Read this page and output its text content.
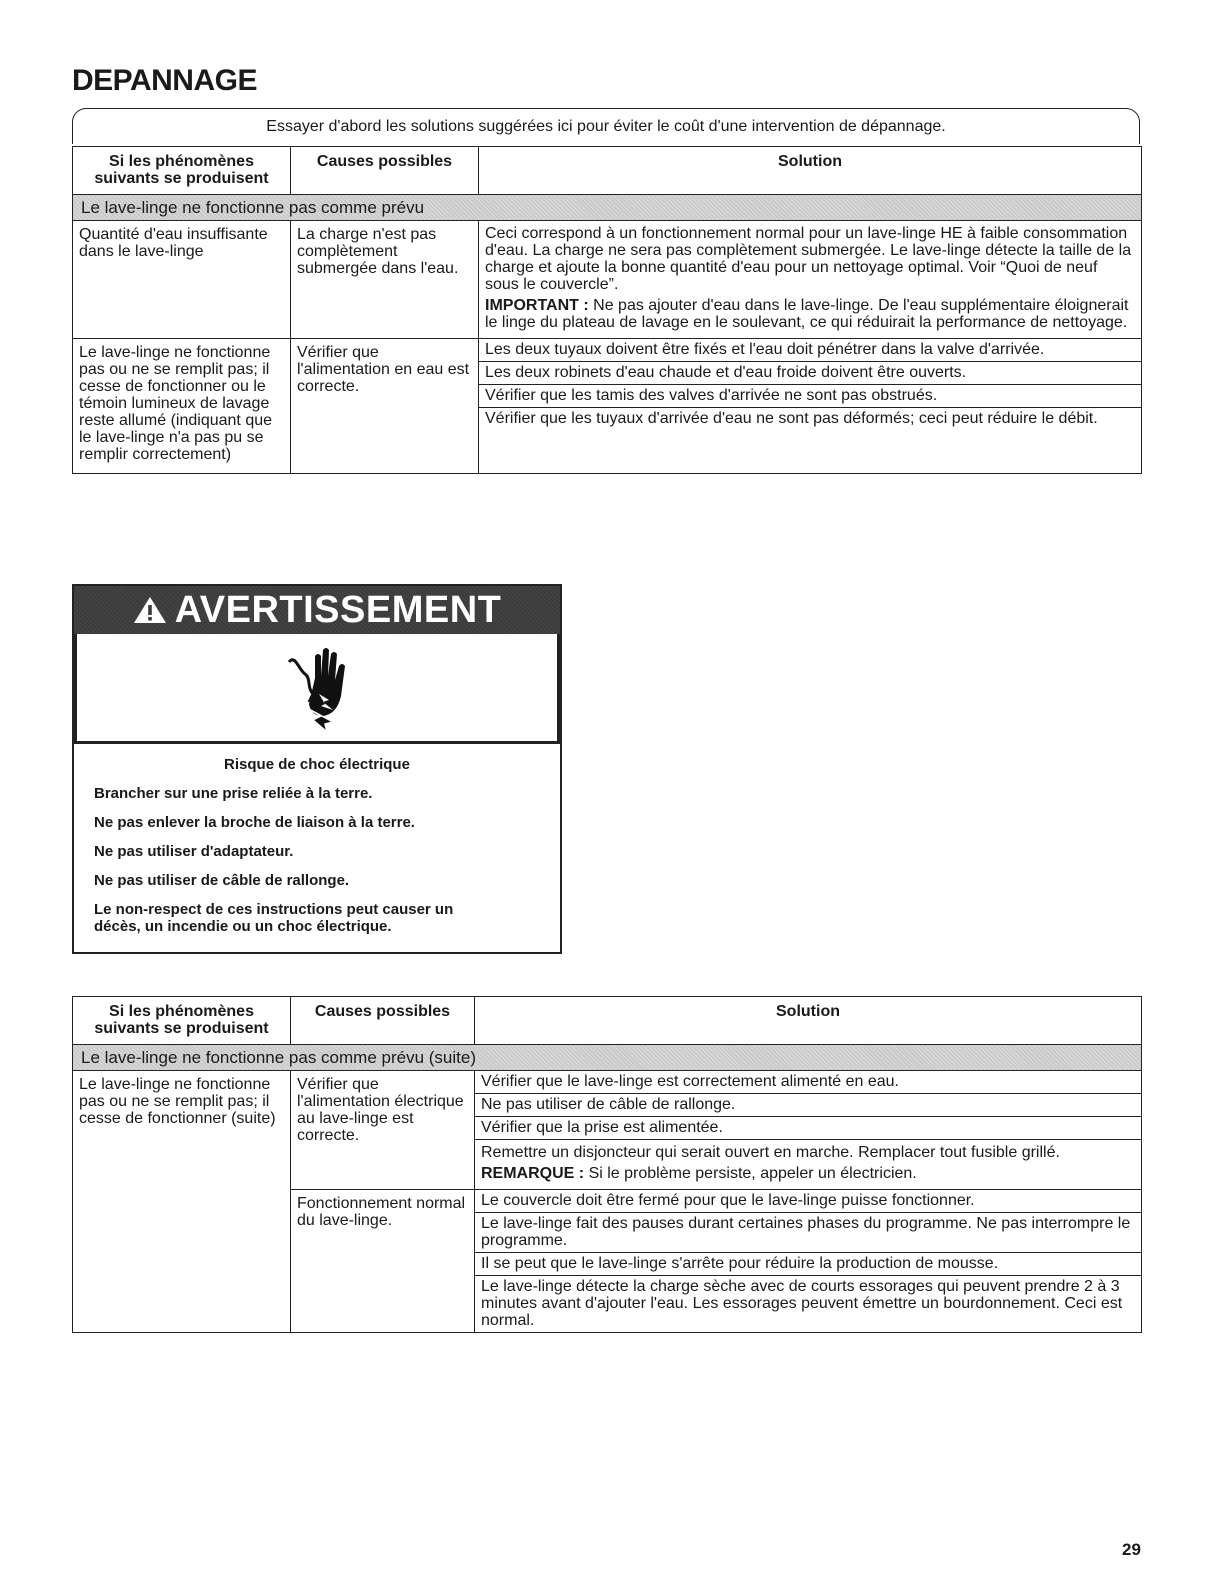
DEPANNAGE
Essayer d'abord les solutions suggérées ici pour éviter le coût d'une intervention de dépannage.
Si les phénomènes suivants se produisent	Causes possibles	Solution
Le lave-linge ne fonctionne pas comme prévu		
Quantité d'eau insuffisante dans le lave-linge	La charge n'est pas complètement submergée dans l'eau.	Ceci correspond à un fonctionnement normal pour un lave-linge HE à faible consommation d'eau. La charge ne sera pas complètement submergée. Le lave-linge détecte la taille de la charge et ajoute la bonne quantité d'eau pour un nettoyage optimal. Voir “Quoi de neuf sous le couvercle”.

IMPORTANT : Ne pas ajouter d'eau dans le lave-linge. De l'eau supplémentaire éloignerait le linge du plateau de lavage en le soulevant, ce qui réduirait la performance de nettoyage.

Le lave-linge ne fonctionne pas ou ne se remplit pas; il cesse de fonctionner ou le témoin lumineux de lavage reste allumé (indiquant que le lave-linge n'a pas pu se remplir correctement)	Vérifier que l'alimentation en eau est correcte.	Les deux tuyaux doivent être fixés et l'eau doit pénétrer dans la valve d'arrivée.
		Les deux robinets d'eau chaude et d'eau froide doivent être ouverts.
		Vérifier que les tamis des valves d'arrivée ne sont pas obstrués.
		Vérifier que les tuyaux d'arrivée d'eau ne sont pas déformés; ceci peut réduire le débit.
AVERTISSEMENT

Risque de choc électrique

Brancher sur une prise reliée à la terre.

Ne pas enlever la broche de liaison à la terre.

Ne pas utiliser d'adaptateur.

Ne pas utiliser de câble de rallonge.

Le non-respect de ces instructions peut causer un décès, un incendie ou un choc électrique.

Si les phénomènes suivants se produisent	Causes possibles	Solution
Le lave-linge ne fonctionne pas comme prévu (suite)		
Le lave-linge ne fonctionne pas ou ne se remplit pas; il cesse de fonctionner (suite)	Vérifier que l'alimentation électrique au lave-linge est correcte.	Vérifier que le lave-linge est correctement alimenté en eau.
		Ne pas utiliser de câble de rallonge.
		Vérifier que la prise est alimentée.

		Remettre un disjoncteur qui serait ouvert en marche. Remplacer tout fusible grillé.

REMARQUE : Si le problème persiste, appeler un électricien.

	Fonctionnement normal du lave-linge.	Le couvercle doit être fermé pour que le lave-linge puisse fonctionner.
		Le lave-linge fait des pauses durant certaines phases du programme. Ne pas interrompre le programme.
		Il se peut que le lave-linge s'arrête pour réduire la production de mousse.
		Le lave-linge détecte la charge sèche avec de courts essorages qui peuvent prendre 2 à 3 minutes avant d'ajouter l'eau. Les essorages peuvent émettre un bourdonnement. Ceci est normal.
29
